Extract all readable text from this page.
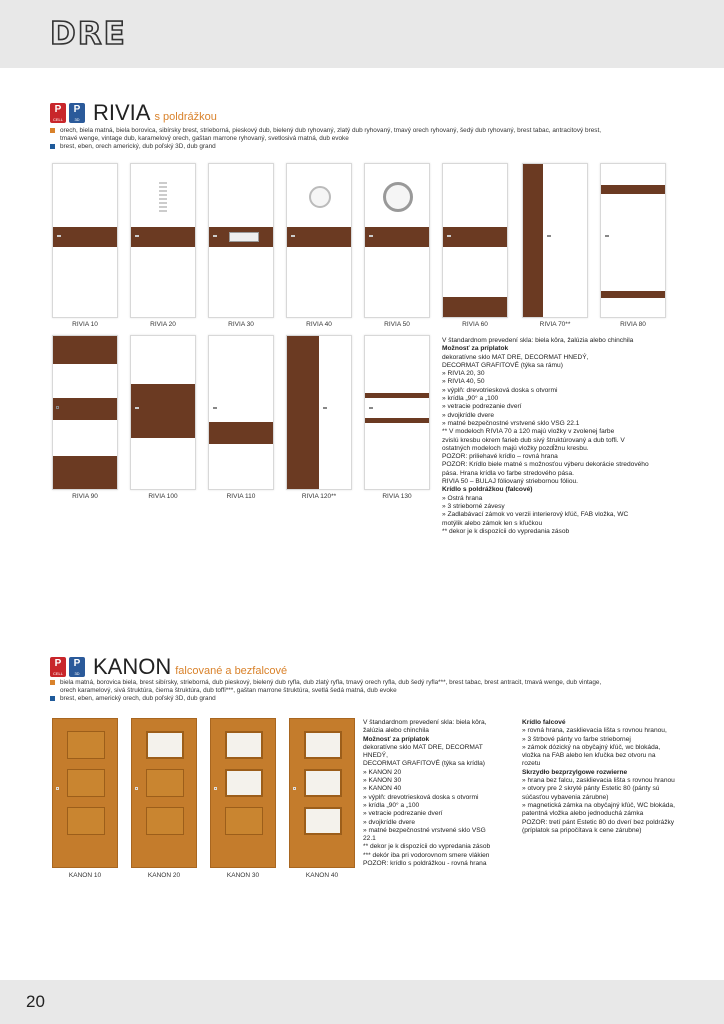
DRE
P
CELL
P
3D RIVIA s poldrážkou
orech, biela matná, biela borovica, sibírsky brest, strieborná, pieskový dub, bielený dub ryhovaný, zlatý dub ryhovaný, tmavý orech ryhovaný, šedý dub ryhovaný, brest tabac, antracitový brest,
tmavé wenge, vintage dub, karamelový orech, gaštan marrone ryhovaný, svetlosivá matná, dub evoke
brest, eben, orech americký, dub poľský 3D, dub grand
RIVIA 10	RIVIA 20	RIVIA 30	RIVIA 40	RIVIA 50	RIVIA 60	RIVIA 70**	RIVIA 80
RIVIA 90	RIVIA 100	RIVIA 110	RIVIA 120**	RIVIA 130
V štandardnom prevedení skla: biela kôra, žalúzia alebo chinchila
Možnosť za príplatok
dekoratívne sklo MAT DRE, DECORMAT HNEDÝ,
DECORMAT GRAFITOVÉ (týka sa rámu)
» RIVIA 20, 30
» RIVIA 40, 50
» výplň: drevotriesková doska s otvormi
» krídla „90° a „100
» vetracie podrezanie dverí
» dvojkrídle dvere
» matné bezpečnostné vrstvené sklo VSG 22.1
** V modeloch RIVIA 70 a 120 majú vložky v zvolenej farbe
zvislú kresbu okrem farieb dub sivý štruktúrovaný a dub toffi. V
ostatných modeloch majú vložky pozdĺžnu kresbu.
POZOR: priliehavé krídlo – rovná hrana
POZOR: Krídlo biele matné s možnosťou výberu dekorácie stredového
pása. Hrana krídla vo farbe stredového pása.
RIVIA 50 – BULAJ fóliovaný striebornou fóliou.
Krídlo s poldrážkou (falcové)
» Ostrá hrana
» 3 strieborné závesy
» Zadlabávací zámok vo verzii interierový kľúč, FAB vložka, WC
motýlik alebo zámok len s kľučkou
** dekor je k dispozícii do vypredania zásob
P
CELL
P
3D KANON falcované a bezfalcové
biela matná, borovica biela, brest sibírsky, strieborná, dub pieskový, bielený dub ryfla, dub zlatý ryfla, tmavý orech ryfla, dub šedý ryfla***, brest tabac, brest antracit, tmavá wenge, dub vintage,
orech karamelový, sivá štruktúra, čierna štruktúra, dub toffi***, gaštan marrone štruktúra, svetlá šedá matná, dub evoke
brest, eben, americký orech, dub poľský 3D, dub grand
KANON 10	KANON 20	KANON 30	KANON 40
V štandardnom prevedení skla: biela kôra,
žalúzia alebo chinchila
Možnosť za príplatok
dekoratívne sklo MAT DRE, DECORMAT
HNEDÝ,
DECORMAT GRAFITOVÉ (týka sa krídla)
» KANON 20
» KANON 30
» KANON 40
» výplň: drevotriesková doska s otvormi
» krídla „90° a „100
» vetracie podrezanie dverí
» dvojkrídle dvere
» matné bezpečnostné vrstvené sklo VSG
22.1
** dekor je k dispozícii do vypredania zásob
*** dekór iba pri vodorovnom smere vlákien
POZOR: krídlo s poldrážkou - rovná hrana
Krídlo falcové
» rovná hrana, zasklievacia lišta s rovnou hranou,
» 3 štrbové pánty vo farbe striebornej
» zámok dózický na obyčajný kľúč, wc blokáda,
vložka na FAB alebo len kľučka bez otvoru na
rozetu
Skrzydło bezprzylgowe rozwierne
» hrana bez falcu, zasklievacia lišta s rovnou hranou
» otvory pre 2 skryté pánty Estetic 80 (pánty sú
súčasťou vybavenia zárubne)
» magnetická zámka na obyčajný kľúč, WC blokáda,
patentná vložka alebo jednoduchá zámka
POZOR: tretí pánt Estetic 80 do dverí bez poldrážky
(príplatok sa pripočítava k cene zárubne)
20
